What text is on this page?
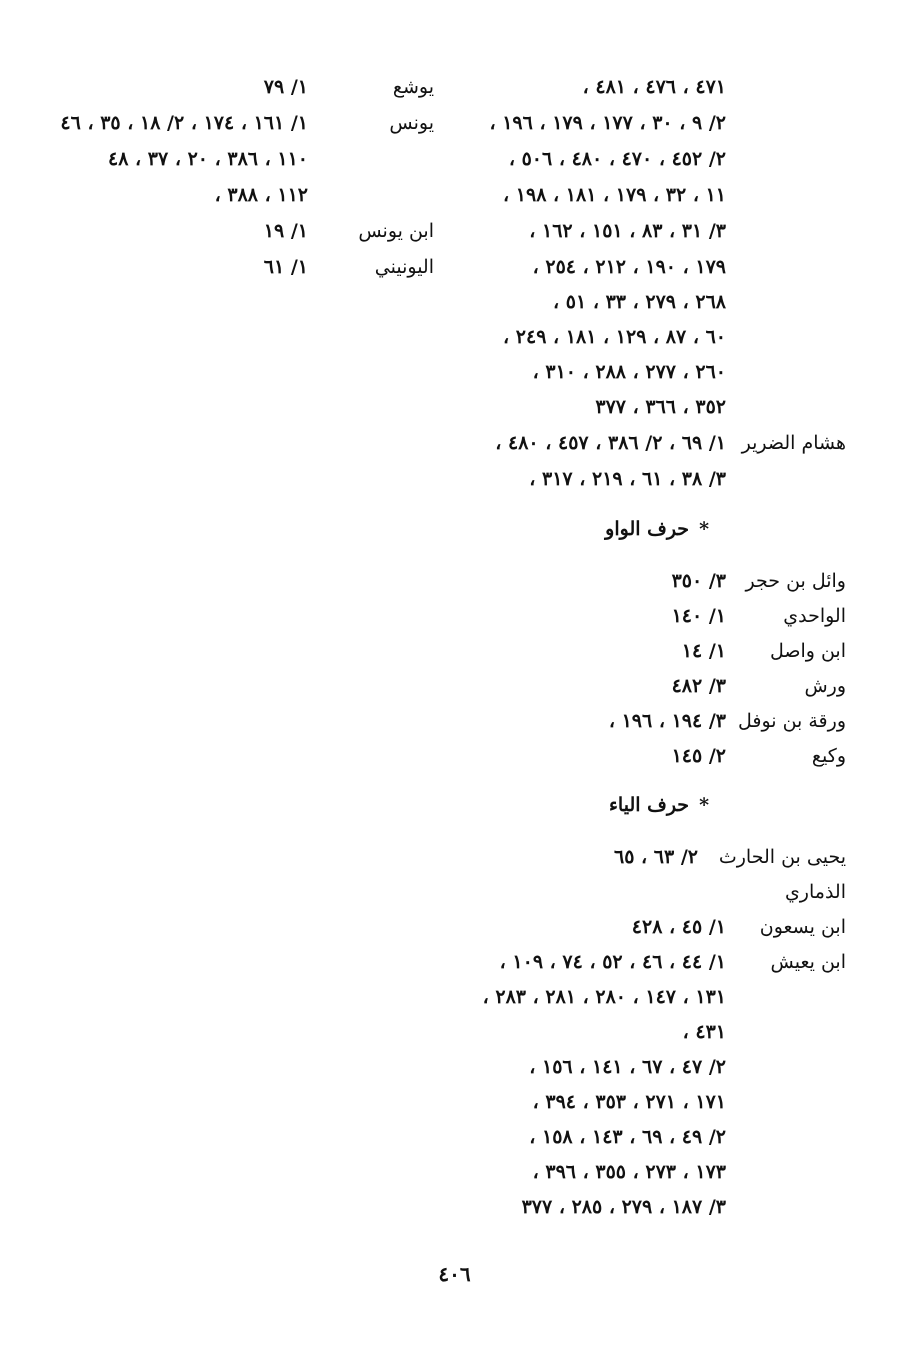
يوشع
١/ ٧٩
يونس
١/ ١٦١ ، ١٧٤ ، ٢/ ١٨ ، ٣٥ ، ٤٦
١١٠ ، ٣٨٦ ، ٢٠ ، ٣٧ ، ٤٨
١١٢ ، ٣٨٨ ،
ابن يونس
١/ ١٩
اليونيني
١/ ٦١
٤٧١ ، ٤٧٦ ، ٤٨١ ،
٢/ ٩ ، ٣٠ ، ١٧٧ ، ١٧٩ ، ١٩٦ ،
٢/ ٤٥٢ ، ٤٧٠ ، ٤٨٠ ، ٥٠٦ ،
١١ ، ٣٢ ، ١٧٩ ، ١٨١ ، ١٩٨ ،
٣/ ٣١ ، ٨٣ ، ١٥١ ، ١٦٢ ،
١٧٩ ، ١٩٠ ، ٢١٢ ، ٢٥٤ ،
٢٦٨ ، ٢٧٩ ، ٣٣ ، ٥١ ،
٦٠ ، ٨٧ ، ١٢٩ ، ١٨١ ، ٢٤٩ ،
٢٦٠ ، ٢٧٧ ، ٢٨٨ ، ٣١٠ ،
٣٥٢ ، ٣٦٦ ، ٣٧٧
هشام الضرير
١/ ٦٩ ، ٢/ ٣٨٦ ، ٤٥٧ ، ٤٨٠ ،
٣/ ٣٨ ، ٦١ ، ٢١٩ ، ٣١٧ ،
*حرف الواو
وائل بن حجر
٣/ ٣٥٠
الواحدي
١/ ١٤٠
ابن واصل
١/ ١٤
ورش
٣/ ٤٨٢
ورقة بن نوفل
٣/ ١٩٤ ، ١٩٦ ،
وكيع
٢/ ١٤٥
*حرف الياء
يحيى بن الحارث
٢/ ٦٣ ، ٦٥
الذماري
ابن يسعون
١/ ٤٥ ، ٤٢٨
ابن يعيش
١/ ٤٤ ، ٤٦ ، ٥٢ ، ٧٤ ، ١٠٩ ،
١٣١ ، ١٤٧ ، ٢٨٠ ، ٢٨١ ، ٢٨٣ ،
٤٣١ ،
٢/ ٤٧ ، ٦٧ ، ١٤١ ، ١٥٦ ،
١٧١ ، ٢٧١ ، ٣٥٣ ، ٣٩٤ ،
٢/ ٤٩ ، ٦٩ ، ١٤٣ ، ١٥٨ ،
١٧٣ ، ٢٧٣ ، ٣٥٥ ، ٣٩٦ ،
٣/ ١٨٧ ، ٢٧٩ ، ٢٨٥ ، ٣٧٧
٤٠٦
